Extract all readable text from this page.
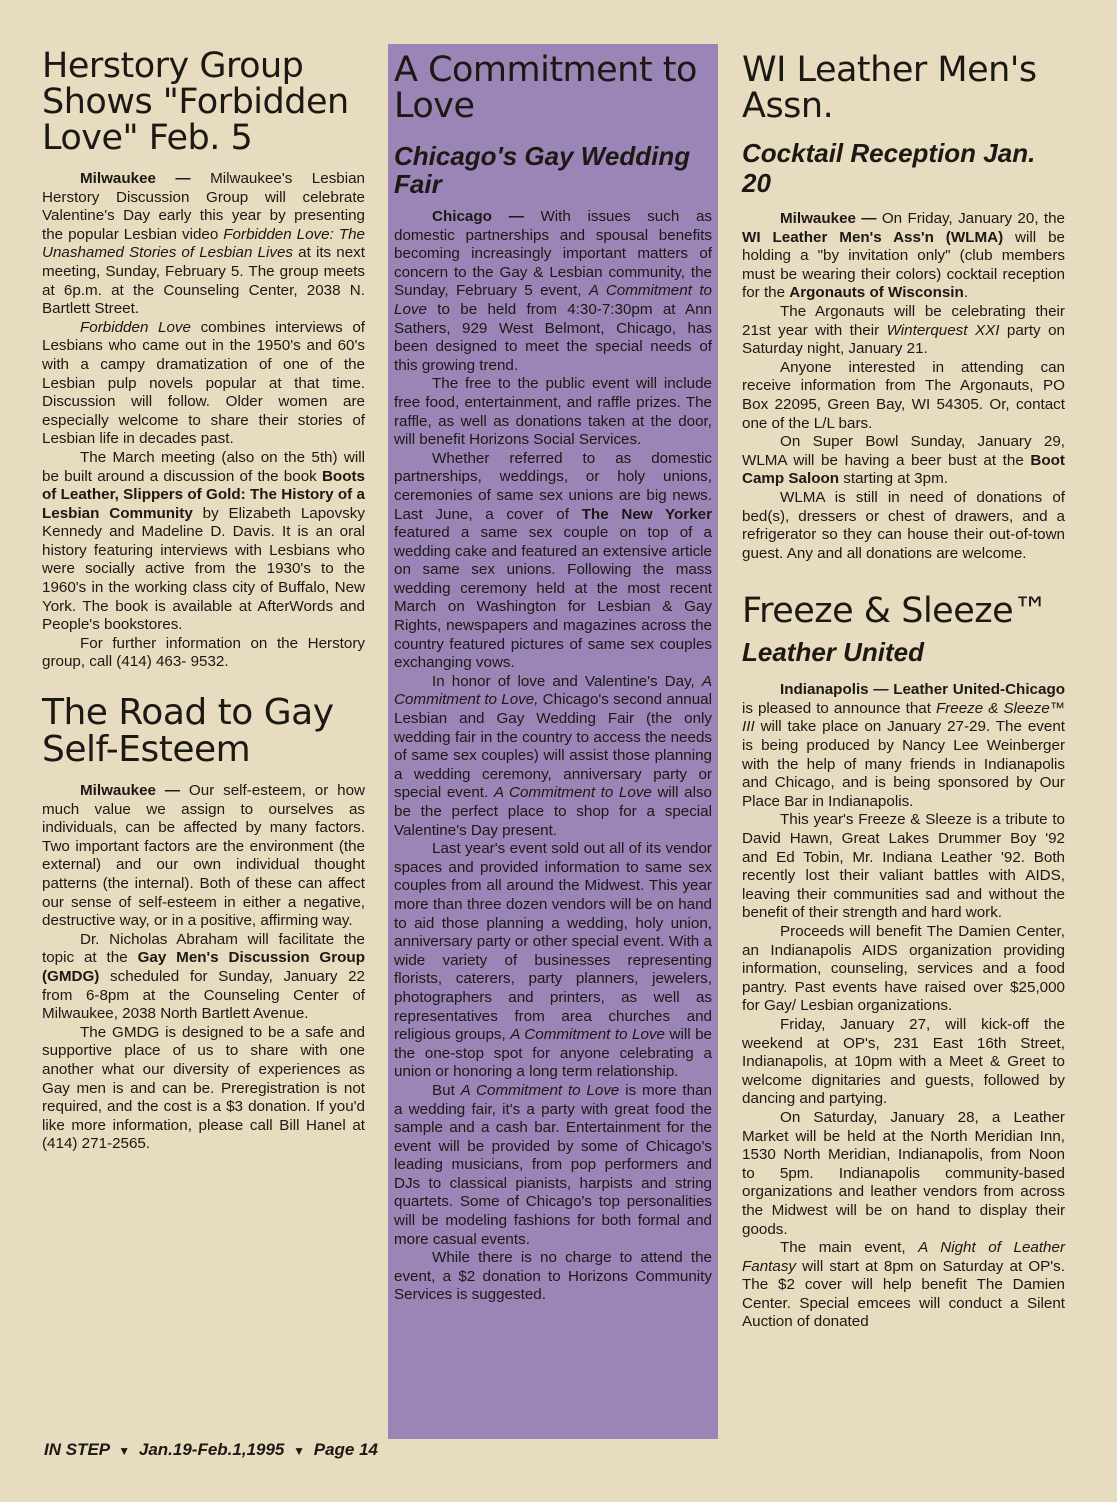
Herstory Group Shows "Forbidden Love" Feb. 5

Milwaukee — Milwaukee's Lesbian Herstory Discussion Group will celebrate Valentine's Day early this year by presenting the popular Lesbian video Forbidden Love: The Unashamed Stories of Lesbian Lives at its next meeting, Sunday, February 5. The group meets at 6p.m. at the Counseling Center, 2038 N. Bartlett Street.

Forbidden Love combines interviews of Lesbians who came out in the 1950's and 60's with a campy dramatization of one of the Lesbian pulp novels popular at that time. Discussion will follow. Older women are especially welcome to share their stories of Lesbian life in decades past.

The March meeting (also on the 5th) will be built around a discussion of the book Boots of Leather, Slippers of Gold: The History of a Lesbian Community by Elizabeth Lapovsky Kennedy and Madeline D. Davis. It is an oral history featuring interviews with Lesbians who were socially active from the 1930's to the 1960's in the working class city of Buffalo, New York. The book is available at AfterWords and People's bookstores.

For further information on the Herstory group, call (414) 463- 9532.

The Road to Gay Self-Esteem

Milwaukee — Our self-esteem, or how much value we assign to ourselves as individuals, can be affected by many factors. Two important factors are the environment (the external) and our own individual thought patterns (the internal). Both of these can affect our sense of self-esteem in either a negative, destructive way, or in a positive, affirming way.

Dr. Nicholas Abraham will facilitate the topic at the Gay Men's Discussion Group (GMDG) scheduled for Sunday, January 22 from 6-8pm at the Counseling Center of Milwaukee, 2038 North Bartlett Avenue.

The GMDG is designed to be a safe and supportive place of us to share with one another what our diversity of experiences as Gay men is and can be. Preregistration is not required, and the cost is a $3 donation. If you'd like more information, please call Bill Hanel at (414) 271-2565.

A Commitment to Love
Chicago's Gay Wedding Fair

Chicago — With issues such as domestic partnerships and spousal benefits becoming increasingly important matters of concern to the Gay & Lesbian community, the Sunday, February 5 event, A Commitment to Love to be held from 4:30-7:30pm at Ann Sathers, 929 West Belmont, Chicago, has been designed to meet the special needs of this growing trend.

The free to the public event will include free food, entertainment, and raffle prizes. The raffle, as well as donations taken at the door, will benefit Horizons Social Services.

Whether referred to as domestic partnerships, weddings, or holy unions, ceremonies of same sex unions are big news. Last June, a cover of The New Yorker featured a same sex couple on top of a wedding cake and featured an extensive article on same sex unions. Following the mass wedding ceremony held at the most recent March on Washington for Lesbian & Gay Rights, newspapers and magazines across the country featured pictures of same sex couples exchanging vows.

In honor of love and Valentine's Day, A Commitment to Love, Chicago's second annual Lesbian and Gay Wedding Fair (the only wedding fair in the country to access the needs of same sex couples) will assist those planning a wedding ceremony, anniversary party or special event. A Commitment to Love will also be the perfect place to shop for a special Valentine's Day present.

Last year's event sold out all of its vendor spaces and provided information to same sex couples from all around the Midwest. This year more than three dozen vendors will be on hand to aid those planning a wedding, holy union, anniversary party or other special event. With a wide variety of businesses representing florists, caterers, party planners, jewelers, photographers and printers, as well as representatives from area churches and religious groups, A Commitment to Love will be the one-stop spot for anyone celebrating a union or honoring a long term relationship.

But A Commitment to Love is more than a wedding fair, it's a party with great food the sample and a cash bar. Entertainment for the event will be provided by some of Chicago's leading musicians, from pop performers and DJs to classical pianists, harpists and string quartets. Some of Chicago's top personalities will be modeling fashions for both formal and more casual events.

While there is no charge to attend the event, a $2 donation to Horizons Community Services is suggested.

WI Leather Men's Assn.
Cocktail Reception Jan. 20

Milwaukee — On Friday, January 20, the WI Leather Men's Ass'n (WLMA) will be holding a "by invitation only" (club members must be wearing their colors) cocktail reception for the Argonauts of Wisconsin.

The Argonauts will be celebrating their 21st year with their Winterquest XXI party on Saturday night, January 21.

Anyone interested in attending can receive information from The Argonauts, PO Box 22095, Green Bay, WI 54305. Or, contact one of the L/L bars.

On Super Bowl Sunday, January 29, WLMA will be having a beer bust at the Boot Camp Saloon starting at 3pm.

WLMA is still in need of donations of bed(s), dressers or chest of drawers, and a refrigerator so they can house their out-of-town guest. Any and all donations are welcome.

Freeze & Sleeze™
Leather United

Indianapolis — Leather United-Chicago is pleased to announce that Freeze & Sleeze™ III will take place on January 27-29. The event is being produced by Nancy Lee Weinberger with the help of many friends in Indianapolis and Chicago, and is being sponsored by Our Place Bar in Indianapolis.

This year's Freeze & Sleeze is a tribute to David Hawn, Great Lakes Drummer Boy '92 and Ed Tobin, Mr. Indiana Leather '92. Both recently lost their valiant battles with AIDS, leaving their communities sad and without the benefit of their strength and hard work.

Proceeds will benefit The Damien Center, an Indianapolis AIDS organization providing information, counseling, services and a food pantry. Past events have raised over $25,000 for Gay/ Lesbian organizations.

Friday, January 27, will kick-off the weekend at OP's, 231 East 16th Street, Indianapolis, at 10pm with a Meet & Greet to welcome dignitaries and guests, followed by dancing and partying.

On Saturday, January 28, a Leather Market will be held at the North Meridian Inn, 1530 North Meridian, Indianapolis, from Noon to 5pm. Indianapolis community-based organizations and leather vendors from across the Midwest will be on hand to display their goods.

The main event, A Night of Leather Fantasy will start at 8pm on Saturday at OP's. The $2 cover will help benefit The Damien Center. Special emcees will conduct a Silent Auction of donated

IN STEP ▼ Jan.19-Feb.1,1995 ▼ Page 14
